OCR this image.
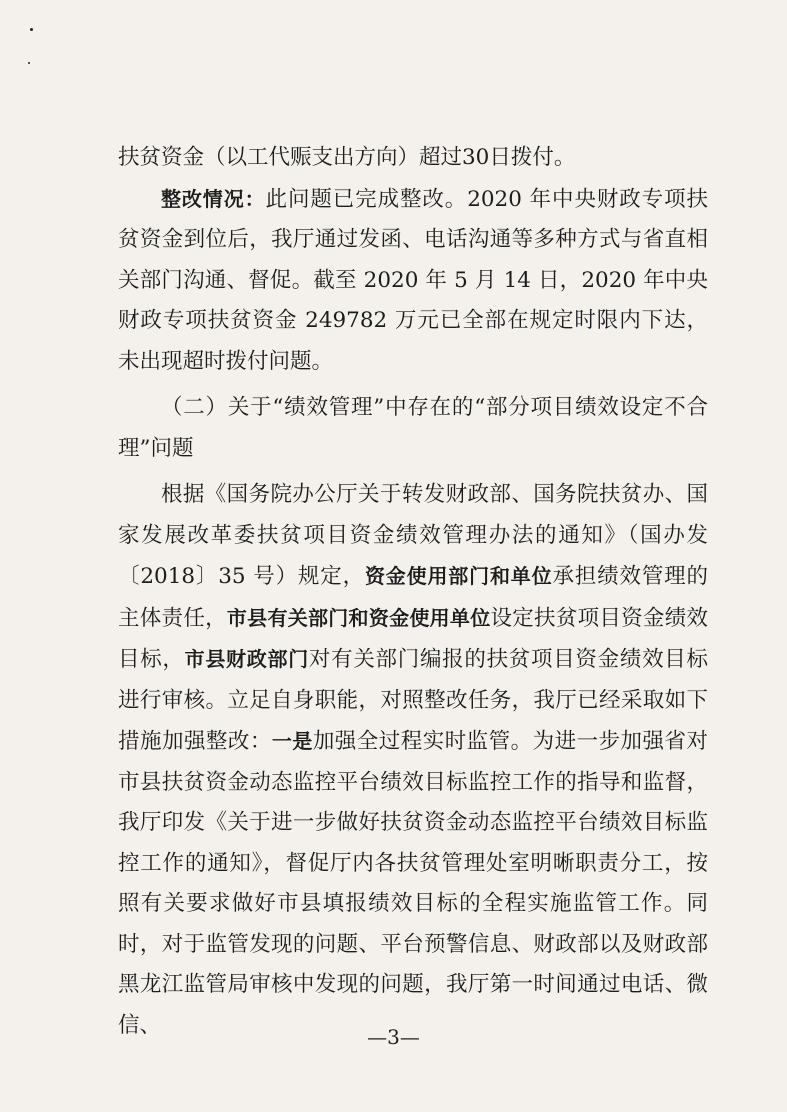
扶贫资金（以工代赈支出方向）超过30日拨付。

整改情况：此问题已完成整改。2020 年中央财政专项扶贫资金到位后，我厅通过发函、电话沟通等多种方式与省直相关部门沟通、督促。截至 2020 年 5 月 14 日，2020 年中央财政专项扶贫资金 249782 万元已全部在规定时限内下达，未出现超时拨付问题。

（二）关于“绩效管理”中存在的“部分项目绩效设定不合理”问题

根据《国务院办公厅关于转发财政部、国务院扶贫办、国家发展改革委扶贫项目资金绩效管理办法的通知》（国办发〔2018〕35 号）规定，资金使用部门和单位承担绩效管理的主体责任，市县有关部门和资金使用单位设定扶贫项目资金绩效目标，市县财政部门对有关部门编报的扶贫项目资金绩效目标进行审核。立足自身职能，对照整改任务，我厅已经采取如下措施加强整改：一是加强全过程实时监管。为进一步加强省对市县扶贫资金动态监控平台绩效目标监控工作的指导和监督，我厅印发《关于进一步做好扶贫资金动态监控平台绩效目标监控工作的通知》，督促厅内各扶贫管理处室明晰职责分工，按照有关要求做好市县填报绩效目标的全程实施监管工作。同时，对于监管发现的问题、平台预警信息、财政部以及财政部黑龙江监管局审核中发现的问题，我厅第一时间通过电话、微信、	—3—
